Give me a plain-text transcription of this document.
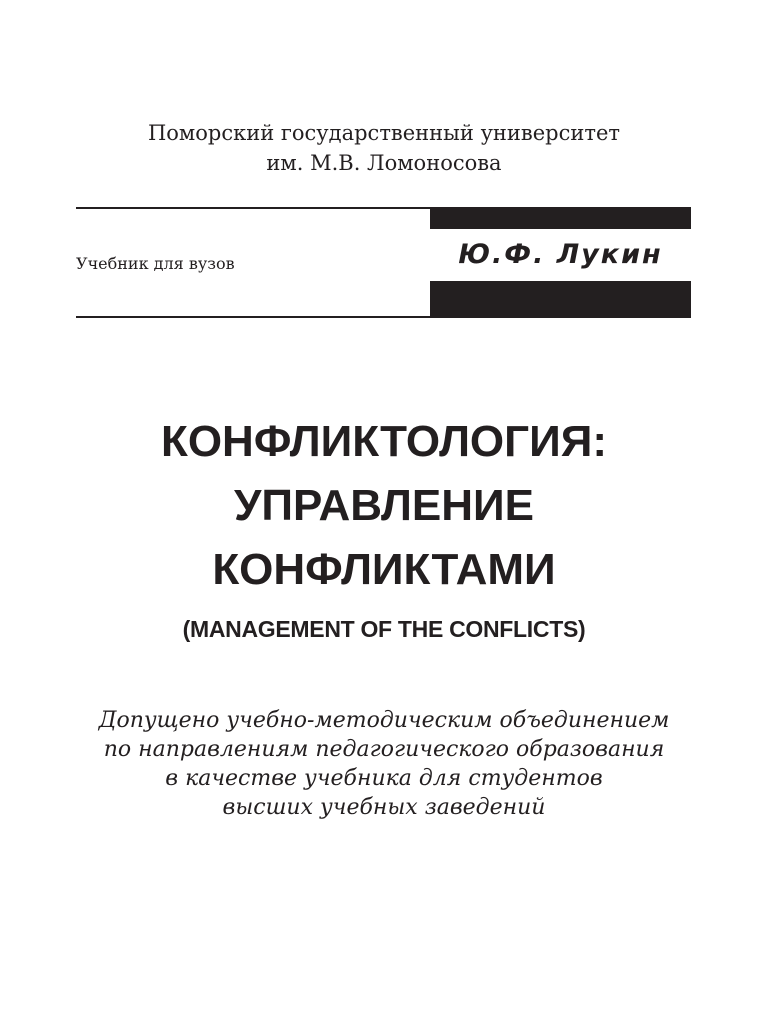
Поморский государственный университет
им. М.В. Ломоносова
Учебник для вузов	Ю.Ф. Лукин
КОНФЛИКТОЛОГИЯ:
УПРАВЛЕНИЕ
КОНФЛИКТАМИ
(MANAGEMENT OF THE CONFLICTS)
Допущено учебно-методическим объединением
по направлениям педагогического образования
в качестве учебника для студентов
высших учебных заведений
